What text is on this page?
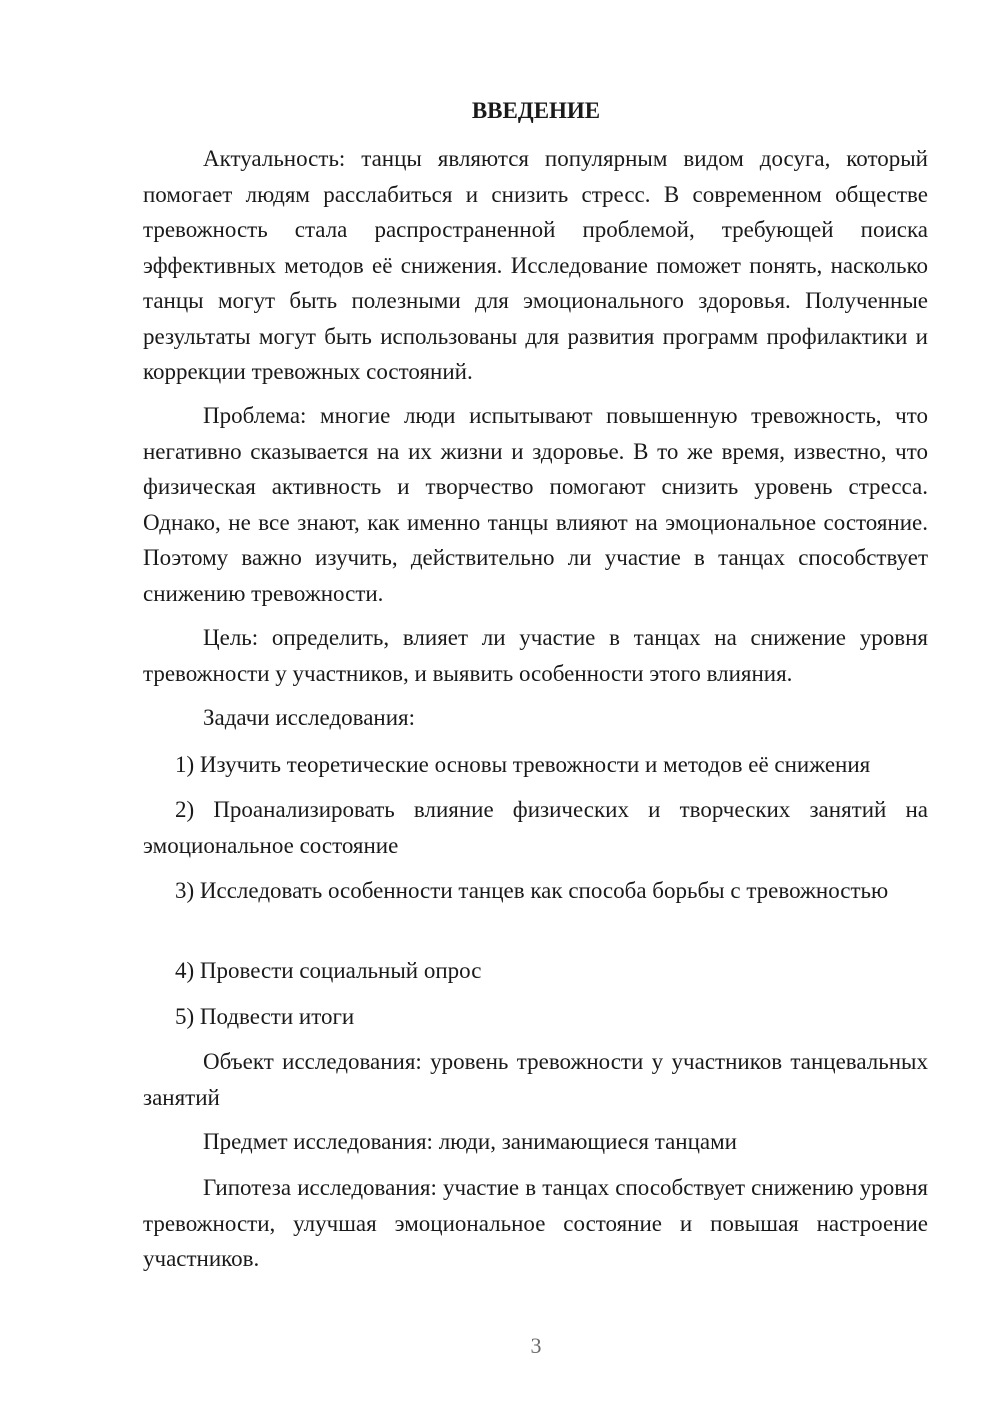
ВВЕДЕНИЕ

Актуальность: танцы являются популярным видом досуга, который помогает людям расслабиться и снизить стресс. В современном обществе тревожность стала распространенной проблемой, требующей поиска эффективных методов её снижения. Исследование поможет понять, насколько танцы могут быть полезными для эмоционального здоровья. Полученные результаты могут быть использованы для развития программ профилактики и коррекции тревожных состояний.

Проблема: многие люди испытывают повышенную тревожность, что негативно сказывается на их жизни и здоровье. В то же время, известно, что физическая активность и творчество помогают снизить уровень стресса. Однако, не все знают, как именно танцы влияют на эмоциональное состояние. Поэтому важно изучить, действительно ли участие в танцах способствует снижению тревожности.

Цель: определить, влияет ли участие в танцах на снижение уровня тревожности у участников, и выявить особенности этого влияния.

Задачи исследования:

1) Изучить теоретические основы тревожности и методов её снижения

2) Проанализировать влияние физических и творческих занятий на эмоциональное состояние

3) Исследовать особенности танцев как способа борьбы с тревожностью

4) Провести социальный опрос

5) Подвести итоги

Объект исследования: уровень тревожности у участников танцевальных занятий

Предмет исследования: люди, занимающиеся танцами

Гипотеза исследования: участие в танцах способствует снижению уровня тревожности, улучшая эмоциональное состояние и повышая настроение участников.

3
